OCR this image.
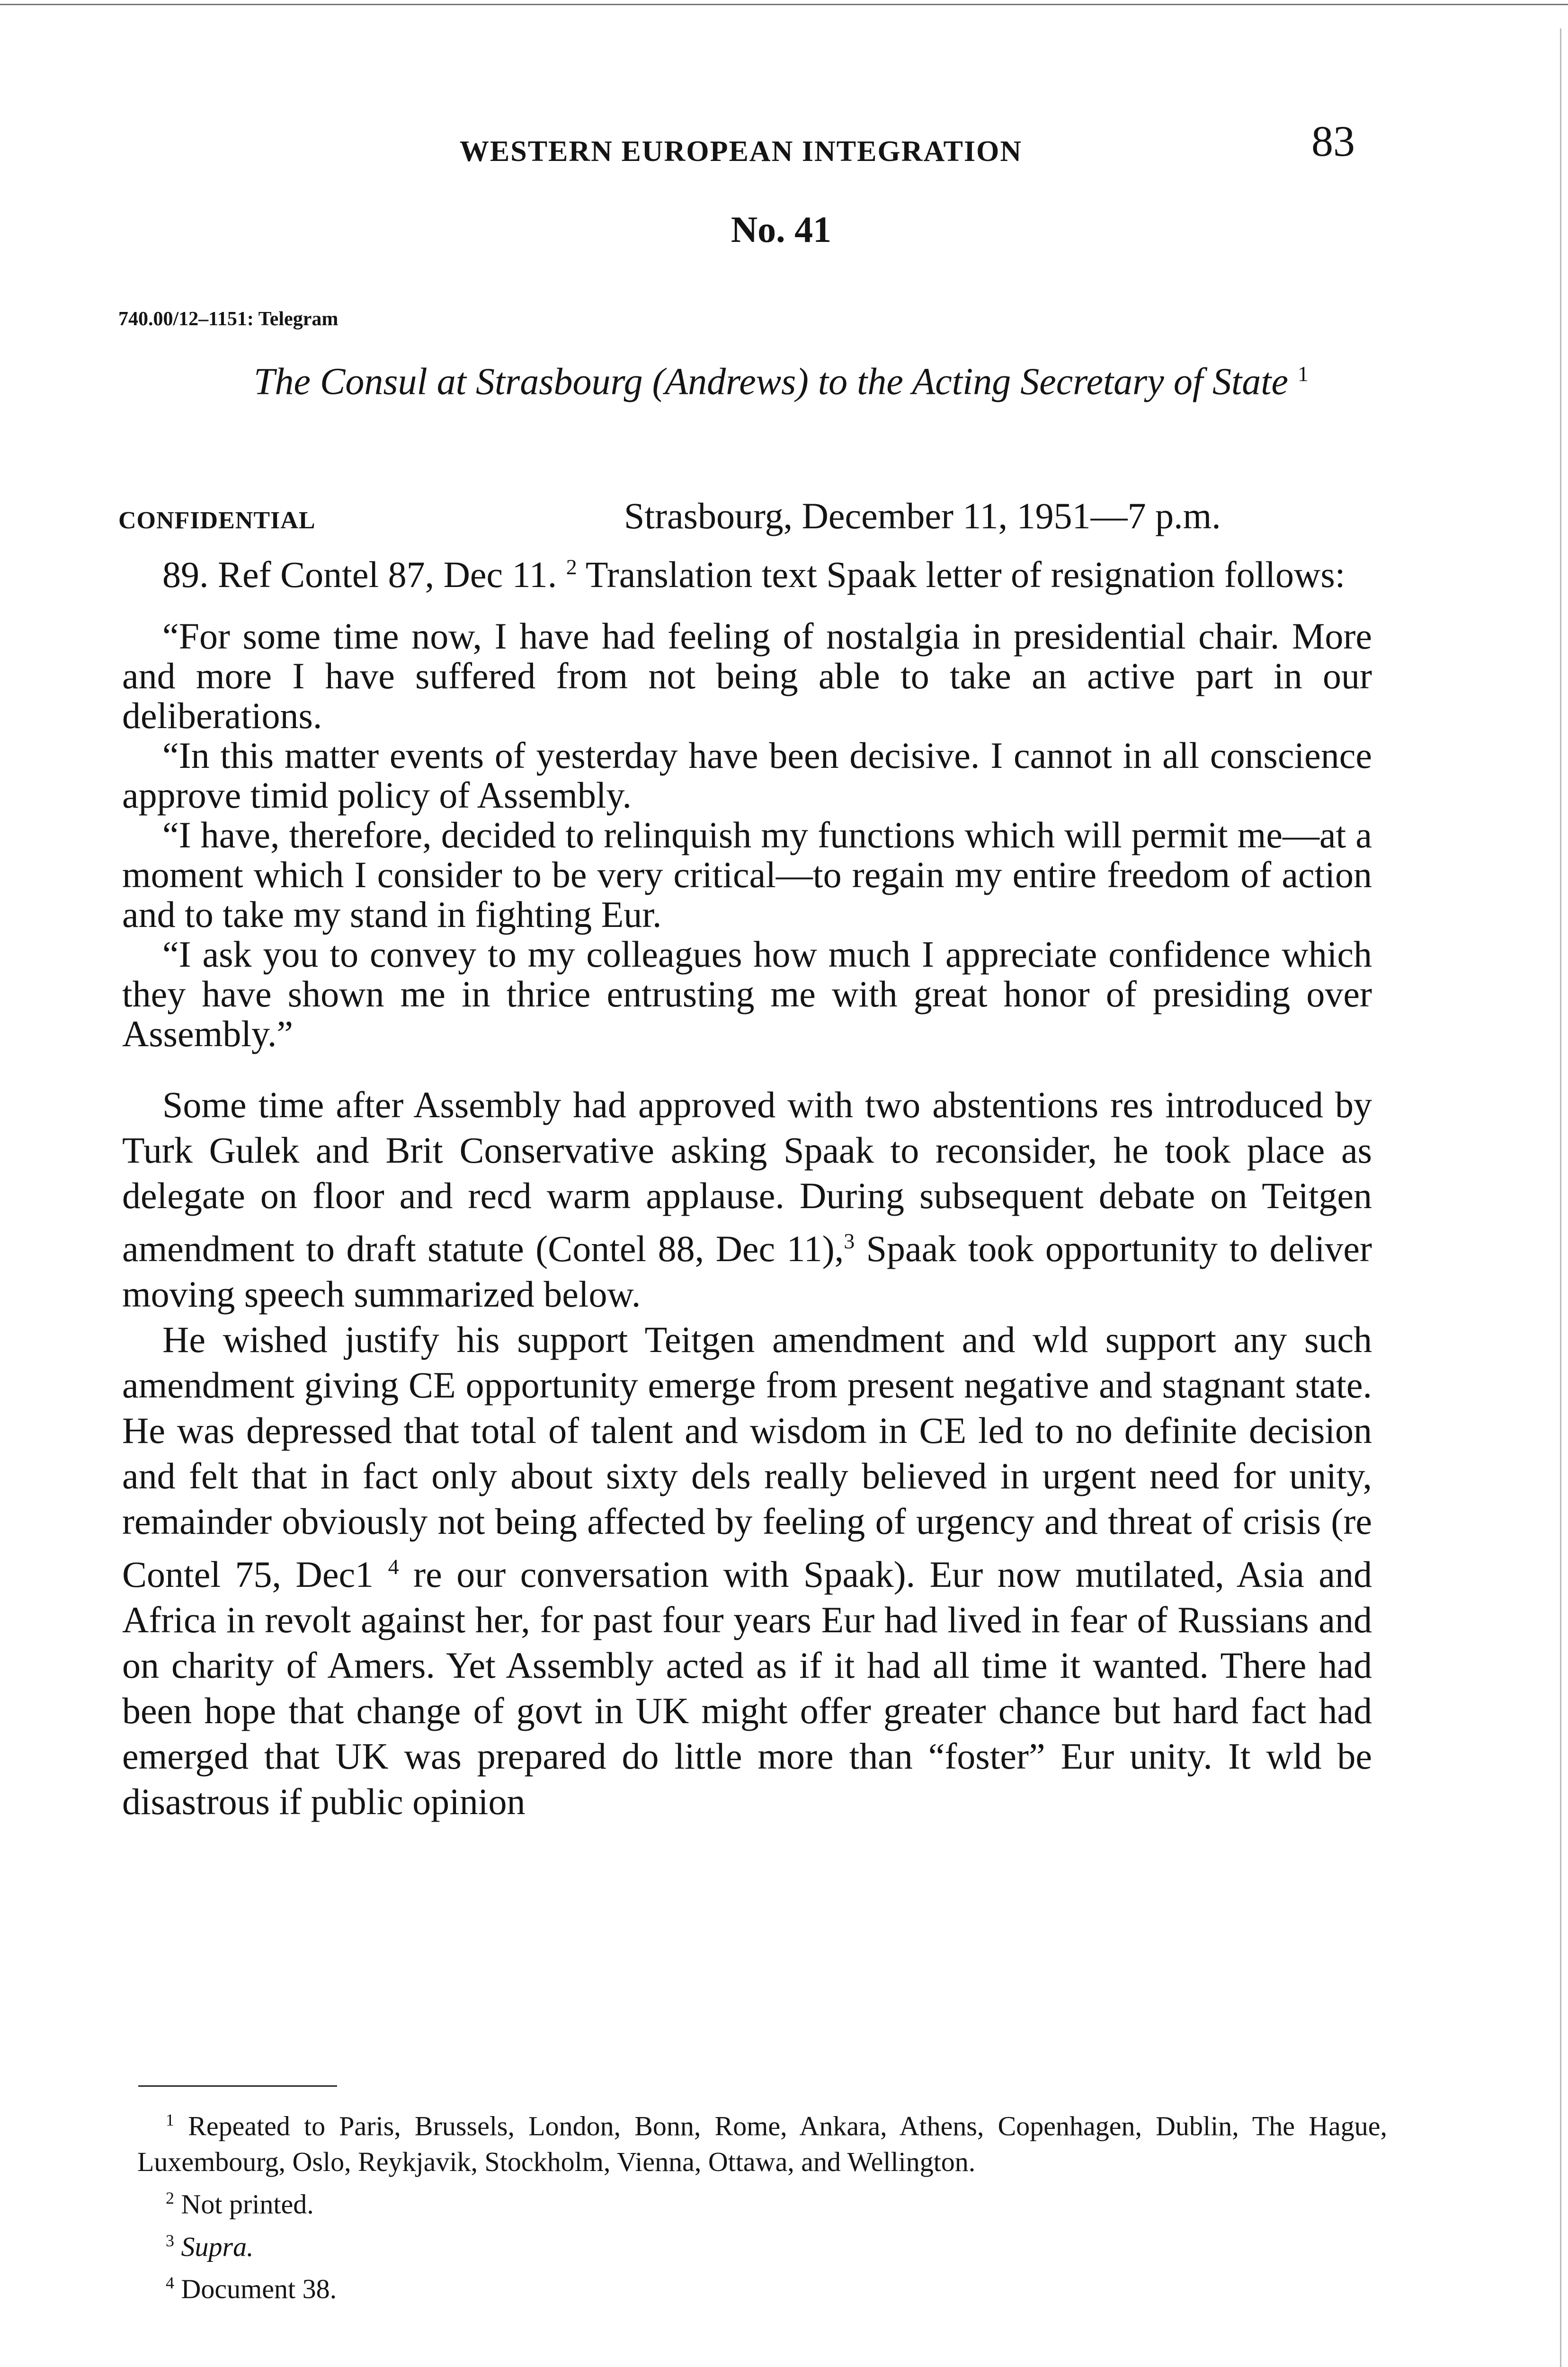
WESTERN EUROPEAN INTEGRATION	83
No. 41
740.00/12–1151: Telegram
The Consul at Strasbourg (Andrews) to the Acting Secretary of State $^1$
CONFIDENTIAL	Strasbourg, December 11, 1951—7 p.m.

89. Ref Contel 87, Dec 11. $^2$ Translation text Spaak letter of resignation follows:

“For some time now, I have had feeling of nostalgia in presidential chair. More and more I have suffered from not being able to take an active part in our deliberations.

“In this matter events of yesterday have been decisive. I cannot in all conscience approve timid policy of Assembly.

“I have, therefore, decided to relinquish my functions which will permit me—at a moment which I consider to be very critical—to regain my entire freedom of action and to take my stand in fighting Eur.

“I ask you to convey to my colleagues how much I appreciate confidence which they have shown me in thrice entrusting me with great honor of presiding over Assembly.”

Some time after Assembly had approved with two abstentions res introduced by Turk Gulek and Brit Conservative asking Spaak to reconsider, he took place as delegate on floor and recd warm applause. During subsequent debate on Teitgen amendment to draft statute (Contel 88, Dec 11),$^3$ Spaak took opportunity to deliver moving speech summarized below.

He wished justify his support Teitgen amendment and wld support any such amendment giving CE opportunity emerge from present negative and stagnant state. He was depressed that total of talent and wisdom in CE led to no definite decision and felt that in fact only about sixty dels really believed in urgent need for unity, remainder obviously not being affected by feeling of urgency and threat of crisis (re Contel 75, Dec1 $^4$ re our conversation with Spaak). Eur now mutilated, Asia and Africa in revolt against her, for past four years Eur had lived in fear of Russians and on charity of Amers. Yet Assembly acted as if it had all time it wanted. There had been hope that change of govt in UK might offer greater chance but hard fact had emerged that UK was prepared do little more than “foster” Eur unity. It wld be disastrous if public opinion

$^1$ Repeated to Paris, Brussels, London, Bonn, Rome, Ankara, Athens, Copenhagen, Dublin, The Hague, Luxembourg, Oslo, Reykjavik, Stockholm, Vienna, Ottawa, and Wellington.

$^2$ Not printed.

$^3$ Supra.

$^4$ Document 38.
